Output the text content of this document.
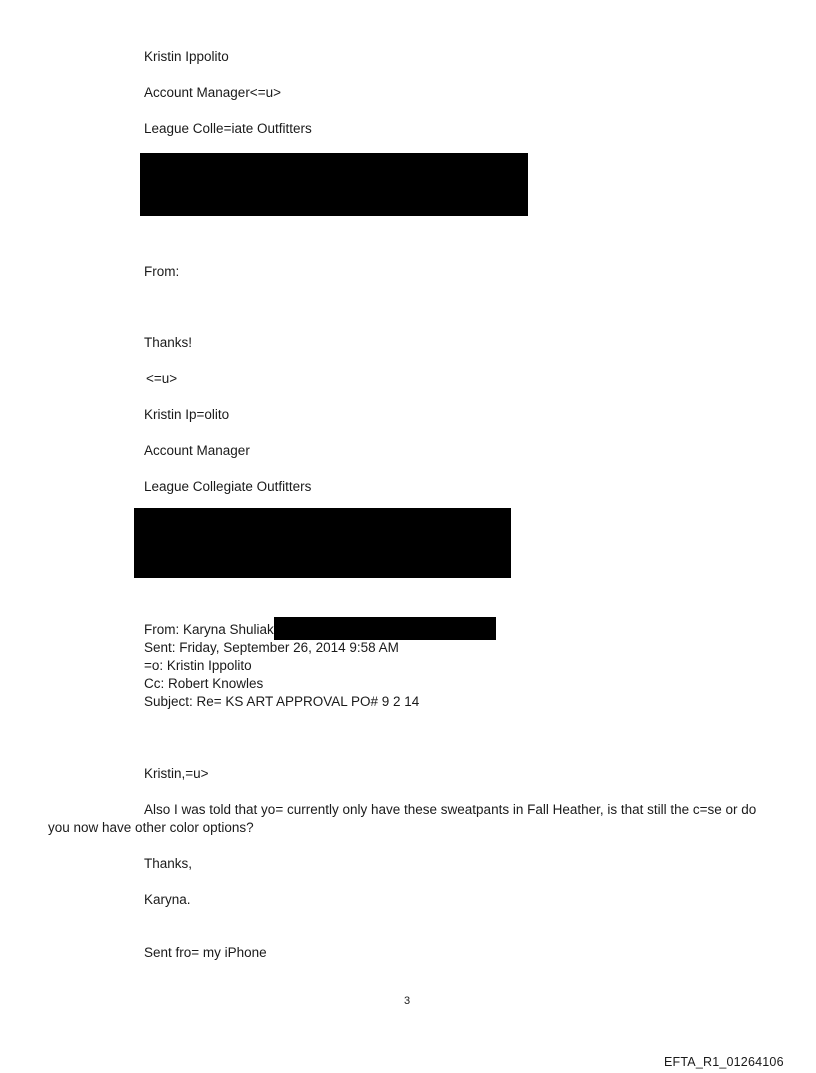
Kristin Ippolito
Account Manager<=u>
League Colle=iate Outfitters
From:
Thanks!
<=u>
Kristin Ip=olito
Account Manager
League Collegiate Outfitters
From: Karyna Shuliak
Sent: Friday, September 26, 2014 9:58 AM
=o: Kristin Ippolito
Cc: Robert Knowles
Subject: Re= KS ART APPROVAL PO# 9 2 14
Kristin,=u>
Also I was told that yo= currently only have these sweatpants in Fall Heather, is that still the c=se or do
you now have other color options?
Thanks,
Karyna.
Sent fro= my iPhone
3
EFTA_R1_01264106
